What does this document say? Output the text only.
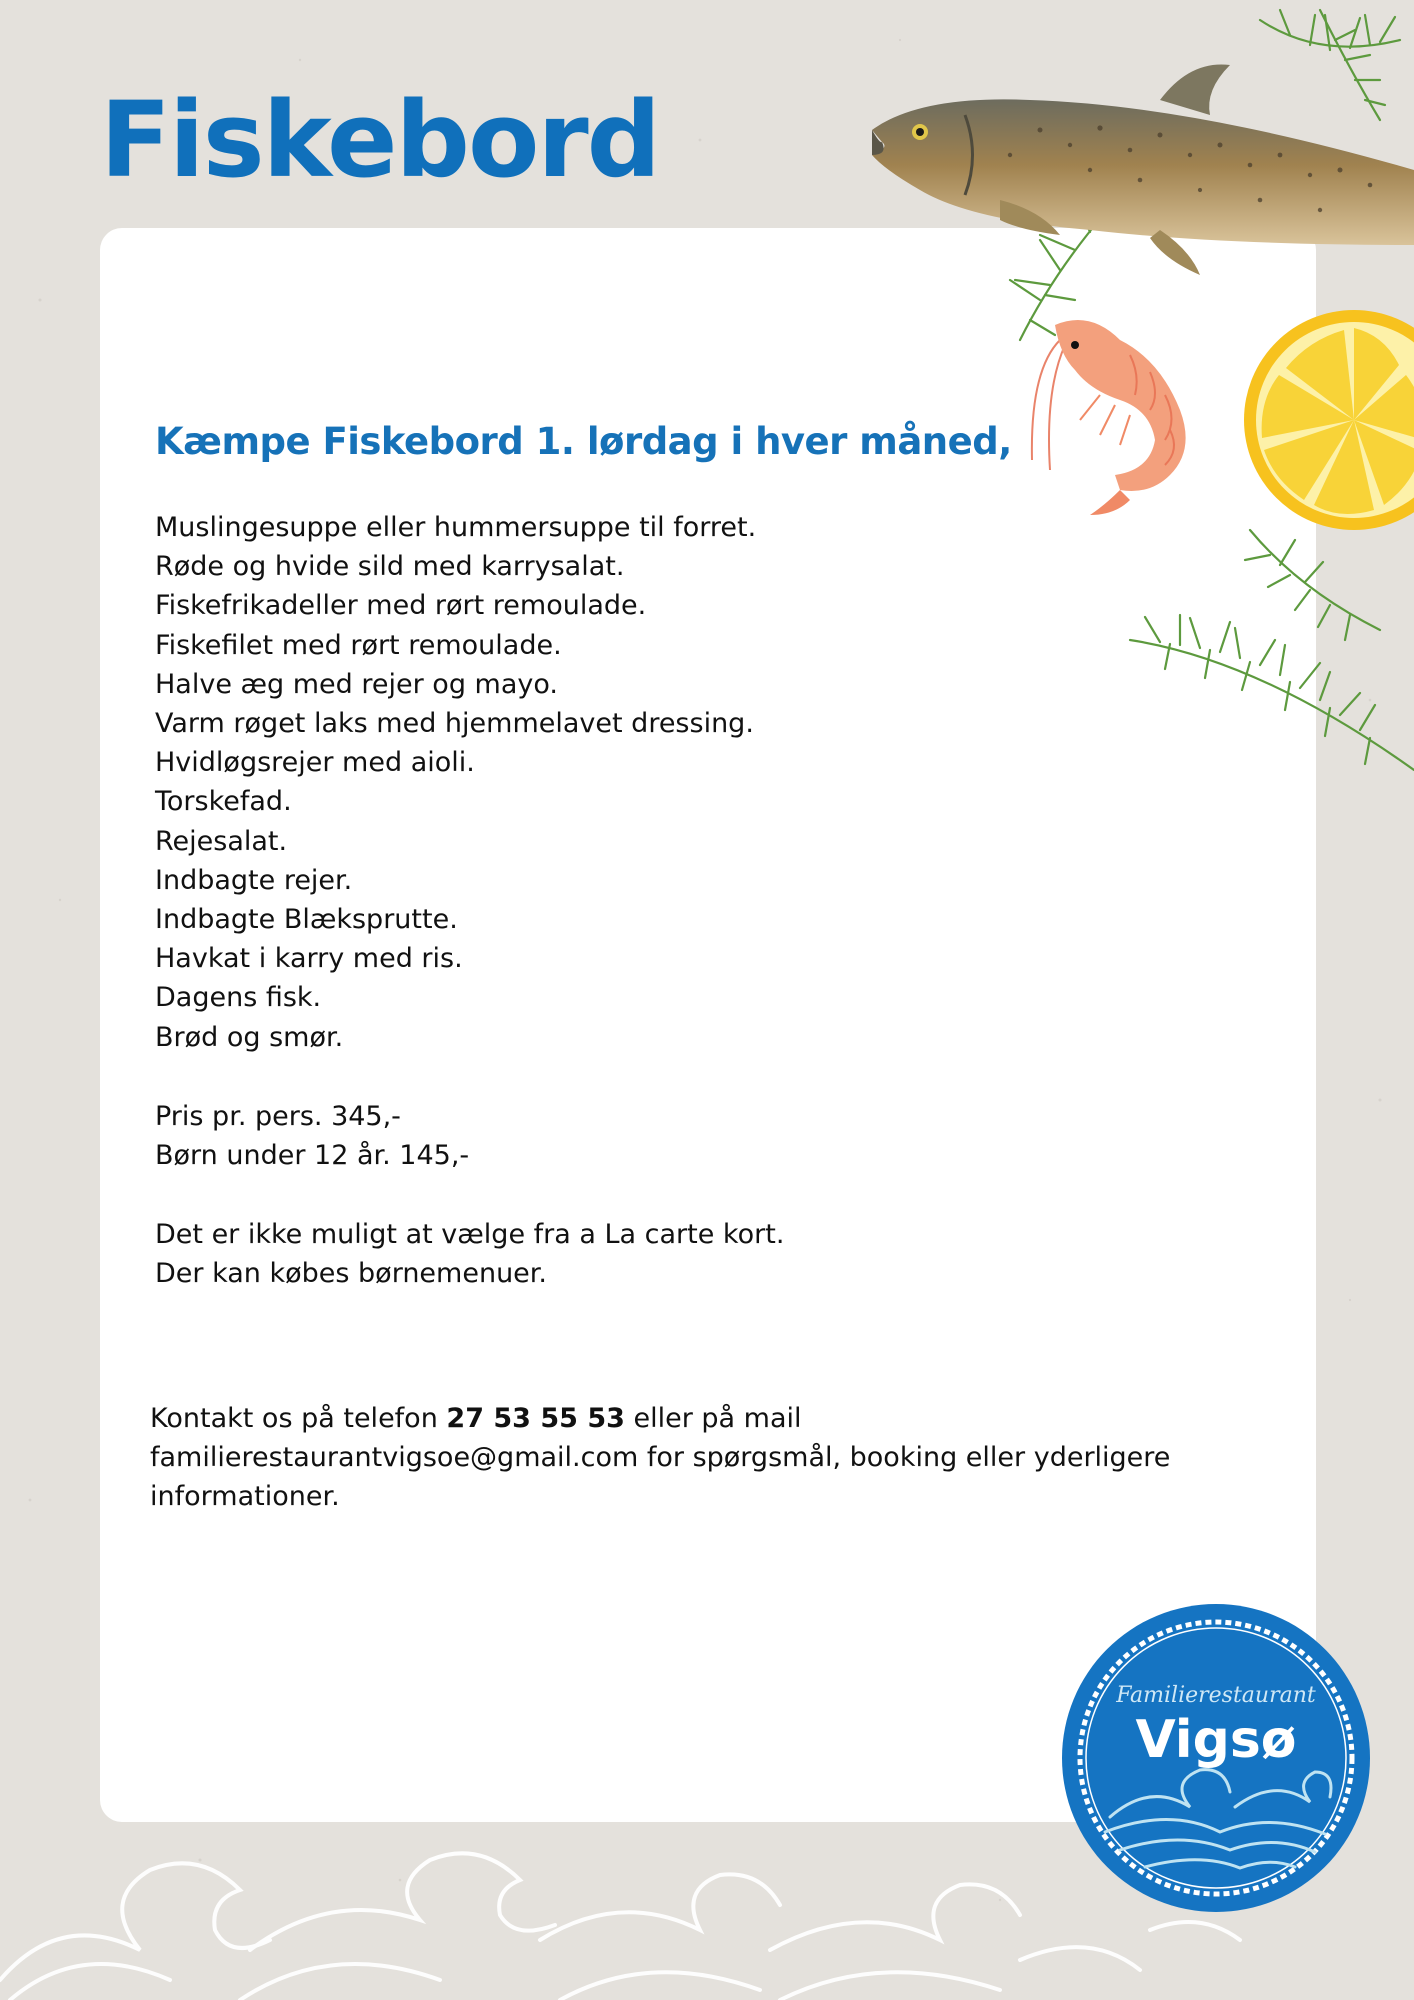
Fiskebord
Kæmpe Fiskebord 1. lørdag i hver måned,
Muslingesuppe eller hummersuppe til forret.
Røde og hvide sild med karrysalat.
Fiskefrikadeller med rørt remoulade.
Fiskefilet med rørt remoulade.
Halve æg med rejer og mayo.
Varm røget laks med hjemmelavet dressing.
Hvidløgsrejer med aioli.
Torskefad.
Rejesalat.
Indbagte rejer.
Indbagte Blæksprutte.
Havkat i karry med ris.
Dagens fisk.
Brød og smør.
Pris pr. pers. 345,-
Børn under 12 år. 145,-
Det er ikke muligt at vælge fra a La carte kort.
Der kan købes børnemenuer.
Kontakt os på telefon 27 53 55 53 eller på mail
familierestaurantvigsoe@gmail.com for spørgsmål, booking eller yderligere
informationer.
Familierestaurant
Vigsø
